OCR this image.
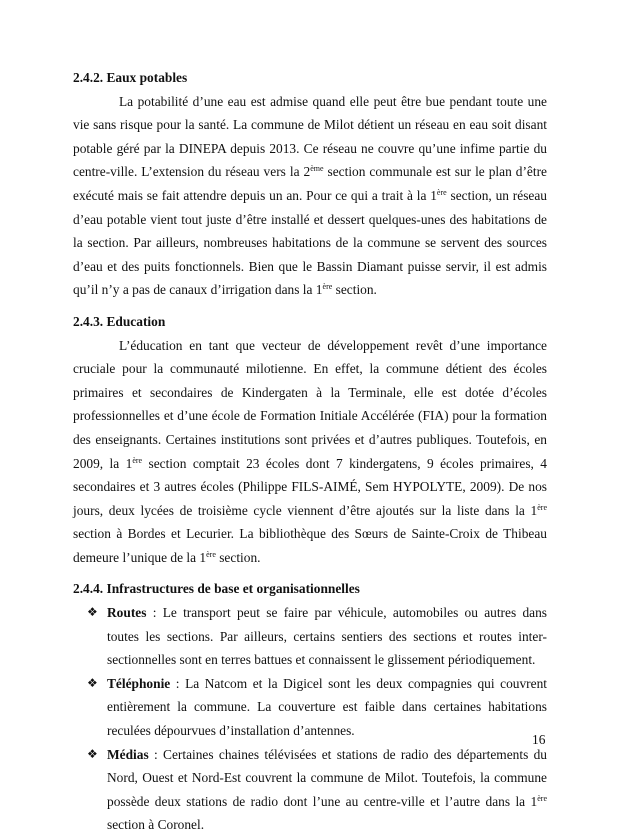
2.4.2. Eaux potables

La potabilité d’une eau est admise quand elle peut être bue pendant toute une vie sans risque pour la santé. La commune de Milot détient un réseau en eau soit disant potable géré par la DINEPA depuis 2013. Ce réseau ne couvre qu’une infime partie du centre-ville. L’extension du réseau vers la 2ème section communale est sur le plan d’être exécuté mais se fait attendre depuis un an. Pour ce qui a trait à la 1ère section, un réseau d’eau potable vient tout juste d’être installé et dessert quelques-unes des habitations de la section. Par ailleurs, nombreuses habitations de la commune se servent des sources d’eau et des puits fonctionnels. Bien que le Bassin Diamant puisse servir, il est admis qu’il n’y a pas de canaux d’irrigation dans la 1ère section.

2.4.3. Education

L’éducation en tant que vecteur de développement revêt d’une importance cruciale pour la communauté milotienne. En effet, la commune détient des écoles primaires et secondaires de Kindergaten à la Terminale, elle est dotée d’écoles professionnelles et d’une école de Formation Initiale Accélérée (FIA) pour la formation des enseignants. Certaines institutions sont privées et d’autres publiques. Toutefois, en 2009, la 1ère section comptait 23 écoles dont 7 kindergatens, 9 écoles primaires, 4 secondaires et 3 autres écoles (Philippe FILS-AIMÉ, Sem HYPOLYTE, 2009). De nos jours, deux lycées de troisième cycle viennent d’être ajoutés sur la liste dans la 1ère section à Bordes et Lecurier. La bibliothèque des Sœurs de Sainte-Croix de Thibeau demeure l’unique de la 1ère section.

2.4.4. Infrastructures de base et organisationnelles
❖ Routes : Le transport peut se faire par véhicule, automobiles ou autres dans toutes les sections. Par ailleurs, certains sentiers des sections et routes inter-sectionnelles sont en terres battues et connaissent le glissement périodiquement.
❖ Téléphonie : La Natcom et la Digicel sont les deux compagnies qui couvrent entièrement la commune. La couverture est faible dans certaines habitations reculées dépourvues d’installation d’antennes.
❖ Médias : Certaines chaines télévisées et stations de radio des départements du Nord, Ouest et Nord-Est couvrent la commune de Milot. Toutefois, la commune possède deux stations de radio dont l’une au centre-ville et l’autre dans la 1ère section à Coronel.
16
